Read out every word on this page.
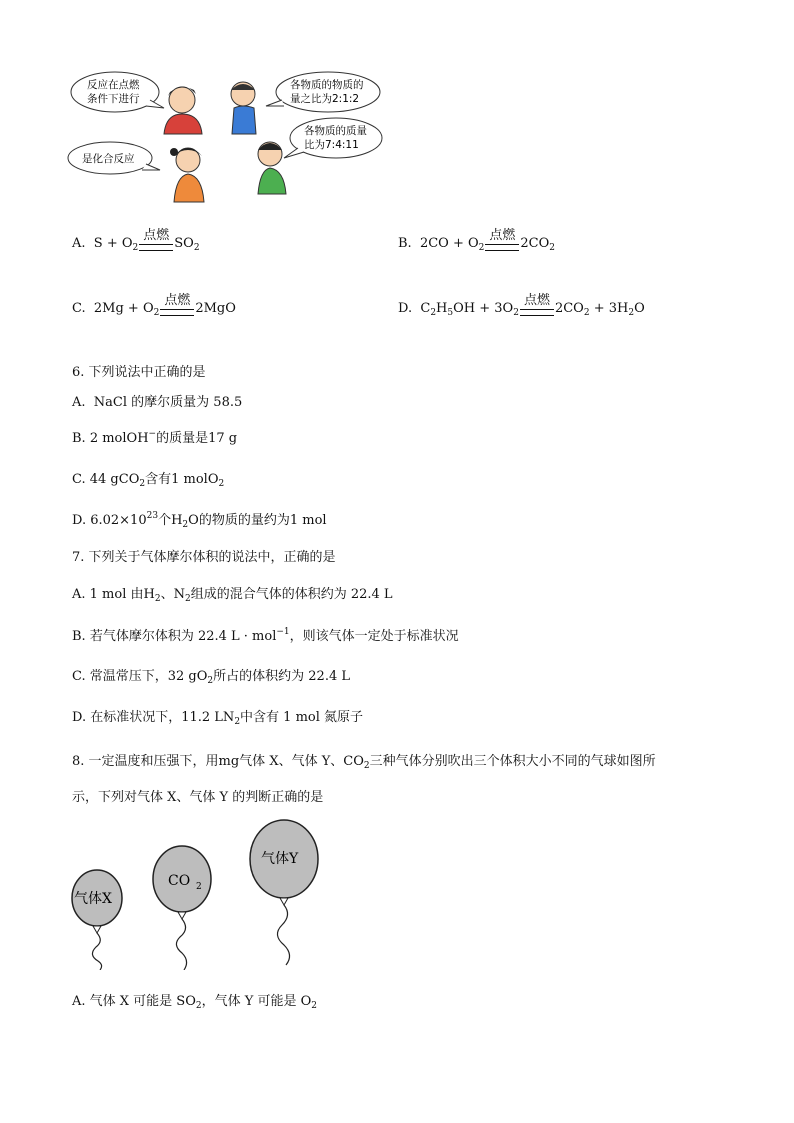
反应在点燃
条件下进行
各物质的物质的
量之比为2:1:2
各物质的质量
比为7:4:11
是化合反应
A.  $S + O_2$
点燃
$SO_2$	B.  $2CO + O_2$
点燃
$2CO_2$
C.  $2Mg + O_2$
点燃
2MgO	D.  $C_2H_5OH + 3O_2$
点燃
$2CO_2 + 3H_2O$
6. 下列说法中正确的是
A.  NaCl 的摩尔质量为 58.5
B. 2 molOH−的质量是17 g
C. 44 gCO$_2$含有1 molO$_2$
D. $6.02\times 10^{23}$个$H_2O$的物质的量约为1 mol
7. 下列关于气体摩尔体积的说法中，正确的是
A. 1 mol 由$H_2$、$N_2$组成的混合气体的体积约为 22.4 L
B. 若气体摩尔体积为 22.4 L · mol$^{-1}$，则该气体一定处于标准状况
C. 常温常压下，32 $gO_2$所占的体积约为 22.4 L
D. 在标准状况下，11.2 $LN_2$中含有 1 mol 氮原子
8. 一定温度和压强下，用mg气体 X、气体 Y、$CO_2$三种气体分别吹出三个体积大小不同的气球如图所
示，下列对气体 X、气体 Y 的判断正确的是
气体X
CO 2
气体Y
A. 气体 X 可能是 $SO_2$，气体 Y 可能是 $O_2$
